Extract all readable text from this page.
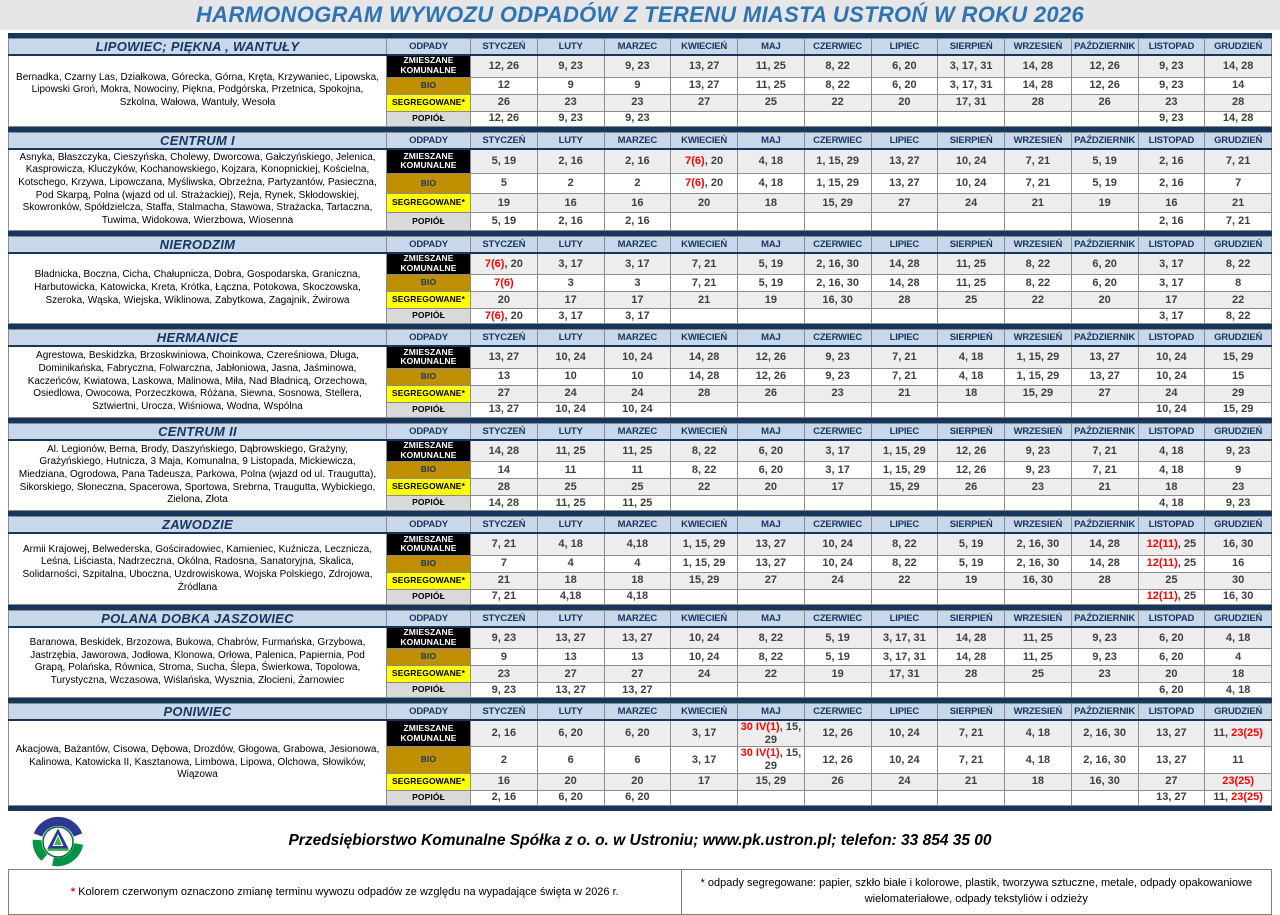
HARMONOGRAM WYWOZU ODPADÓW Z TERENU MIASTA USTROŃ W ROKU 2026
LIPOWIEC; PIĘKNA , WANTUŁY	ODPADY	STYCZEŃ	LUTY	MARZEC	KWIECIEŃ	MAJ	CZERWIEC	LIPIEC	SIERPIEŃ	WRZESIEŃ	PAŹDZIERNIK	LISTOPAD	GRUDZIEŃ
Bernadka, Czarny Las, Działkowa, Górecka, Górna, Kręta, Krzywaniec, Lipowska, Lipowski Groń, Mokra, Nowociny, Piękna, Podgórska, Przetnica, Spokojna, Szkolna, Wałowa, Wantuły, Wesoła	ZMIESZANE KOMUNALNE	12, 26	9, 23	9, 23	13, 27	11, 25	8, 22	6, 20	3, 17, 31	14, 28	12, 26	9, 23	14, 28
	BIO	12	9	9	13, 27	11, 25	8, 22	6, 20	3, 17, 31	14, 28	12, 26	9, 23	14
	SEGREGOWANE*	26	23	23	27	25	22	20	17, 31	28	26	23	28
	POPIÓŁ	12, 26	9, 23	9, 23								9, 23	14, 28
CENTRUM I	ODPADY	STYCZEŃ	LUTY	MARZEC	KWIECIEŃ	MAJ	CZERWIEC	LIPIEC	SIERPIEŃ	WRZESIEŃ	PAŹDZIERNIK	LISTOPAD	GRUDZIEŃ
Asnyka, Błaszczyka, Cieszyńska, Cholewy, Dworcowa, Gałczyńskiego, Jelenica, Kasprowicza, Kluczyków, Kochanowskiego, Kojzara, Konopnickiej, Kościelna, Kotschego, Krzywa, Lipowczana, Myśliwska, Obrzeżna, Partyzantów, Pasieczna, Pod Skarpą, Polna (wjazd od ul. Strażackiej), Reja, Rynek, Skłodowskiej, Skowronków, Spółdzielcza, Staffa, Stalmacha, Stawowa, Strażacka, Tartaczna, Tuwima, Widokowa, Wierzbowa, Wiosenna	ZMIESZANE KOMUNALNE	5, 19	2, 16	2, 16	7(6), 20	4, 18	1, 15, 29	13, 27	10, 24	7, 21	5, 19	2, 16	7, 21
	BIO	5	2	2	7(6), 20	4, 18	1, 15, 29	13, 27	10, 24	7, 21	5, 19	2, 16	7
	SEGREGOWANE*	19	16	16	20	18	15, 29	27	24	21	19	16	21
	POPIÓŁ	5, 19	2, 16	2, 16								2, 16	7, 21
NIERODZIM	ODPADY	STYCZEŃ	LUTY	MARZEC	KWIECIEŃ	MAJ	CZERWIEC	LIPIEC	SIERPIEŃ	WRZESIEŃ	PAŹDZIERNIK	LISTOPAD	GRUDZIEŃ
Bładnicka, Boczna, Cicha, Chałupnicza, Dobra, Gospodarska, Graniczna, Harbutowicka, Katowicka, Kreta, Krótka, Łączna, Potokowa, Skoczowska, Szeroka, Wąska, Wiejska, Wiklinowa, Zabytkowa, Zagajnik, Żwirowa	ZMIESZANE KOMUNALNE	7(6), 20	3, 17	3, 17	7, 21	5, 19	2, 16, 30	14, 28	11, 25	8, 22	6, 20	3, 17	8, 22
	BIO	7(6)	3	3	7, 21	5, 19	2, 16, 30	14, 28	11, 25	8, 22	6, 20	3, 17	8
	SEGREGOWANE*	20	17	17	21	19	16, 30	28	25	22	20	17	22
	POPIÓŁ	7(6), 20	3, 17	3, 17								3, 17	8, 22
HERMANICE	ODPADY	STYCZEŃ	LUTY	MARZEC	KWIECIEŃ	MAJ	CZERWIEC	LIPIEC	SIERPIEŃ	WRZESIEŃ	PAŹDZIERNIK	LISTOPAD	GRUDZIEŃ
Agrestowa, Beskidzka, Brzoskwiniowa, Choinkowa, Czereśniowa, Długa, Dominikańska, Fabryczna, Folwarczna, Jabłoniowa, Jasna, Jaśminowa, Kaczeńców, Kwiatowa, Laskowa, Malinowa, Miła, Nad Bładnicą, Orzechowa, Osiedlowa, Owocowa, Porzeczkowa, Różana, Siewna, Sosnowa, Stellera, Sztwiertni, Urocza, Wiśniowa, Wodna, Wspólna	ZMIESZANE KOMUNALNE	13, 27	10, 24	10, 24	14, 28	12, 26	9, 23	7, 21	4, 18	1, 15, 29	13, 27	10, 24	15, 29
	BIO	13	10	10	14, 28	12, 26	9, 23	7, 21	4, 18	1, 15, 29	13, 27	10, 24	15
	SEGREGOWANE*	27	24	24	28	26	23	21	18	15, 29	27	24	29
	POPIÓŁ	13, 27	10, 24	10, 24								10, 24	15, 29
CENTRUM II	ODPADY	STYCZEŃ	LUTY	MARZEC	KWIECIEŃ	MAJ	CZERWIEC	LIPIEC	SIERPIEŃ	WRZESIEŃ	PAŹDZIERNIK	LISTOPAD	GRUDZIEŃ
Al. Legionów, Bema, Brody, Daszyńskiego, Dąbrowskiego, Grażyny, Grażyńskiego, Hutnicza, 3 Maja, Komunalna, 9 Listopada, Mickiewicza, Miedziana, Ogrodowa, Pana Tadeusza, Parkowa, Polna (wjazd od ul. Traugutta), Sikorskiego, Słoneczna, Spacerowa, Sportowa, Srebrna, Traugutta, Wybickiego, Zielona, Złota	ZMIESZANE KOMUNALNE	14, 28	11, 25	11, 25	8, 22	6, 20	3, 17	1, 15, 29	12, 26	9, 23	7, 21	4, 18	9, 23
	BIO	14	11	11	8, 22	6, 20	3, 17	1, 15, 29	12, 26	9, 23	7, 21	4, 18	9
	SEGREGOWANE*	28	25	25	22	20	17	15, 29	26	23	21	18	23
	POPIÓŁ	14, 28	11, 25	11, 25								4, 18	9, 23
ZAWODZIE	ODPADY	STYCZEŃ	LUTY	MARZEC	KWIECIEŃ	MAJ	CZERWIEC	LIPIEC	SIERPIEŃ	WRZESIEŃ	PAŹDZIERNIK	LISTOPAD	GRUDZIEŃ
Armii Krajowej, Belwederska, Gościradowiec, Kamieniec, Kuźnicza, Lecznicza, Leśna, Liściasta, Nadrzeczna, Okólna, Radosna, Sanatoryjna, Skalica, Solidarności, Szpitalna, Uboczna, Uzdrowiskowa, Wojska Polskiego, Zdrojowa, Źródlana	ZMIESZANE KOMUNALNE	7, 21	4, 18	4,18	1, 15, 29	13, 27	10, 24	8, 22	5, 19	2, 16, 30	14, 28	12(11), 25	16, 30
	BIO	7	4	4	1, 15, 29	13, 27	10, 24	8, 22	5, 19	2, 16, 30	14, 28	12(11), 25	16
	SEGREGOWANE*	21	18	18	15, 29	27	24	22	19	16, 30	28	25	30
	POPIÓŁ	7, 21	4,18	4,18								12(11), 25	16, 30
POLANA DOBKA JASZOWIEC	ODPADY	STYCZEŃ	LUTY	MARZEC	KWIECIEŃ	MAJ	CZERWIEC	LIPIEC	SIERPIEŃ	WRZESIEŃ	PAŹDZIERNIK	LISTOPAD	GRUDZIEŃ
Baranowa, Beskidek, Brzozowa, Bukowa, Chabrów, Furmańska, Grzybowa, Jastrzębia, Jaworowa, Jodłowa, Klonowa, Orłowa, Palenica, Papiernia, Pod Grapą, Polańska, Równica, Stroma, Sucha, Ślepa, Świerkowa, Topolowa, Turystyczna, Wczasowa, Wiślańska, Wysznia, Złocieni, Żarnowiec	ZMIESZANE KOMUNALNE	9, 23	13, 27	13, 27	10, 24	8, 22	5, 19	3, 17, 31	14, 28	11, 25	9, 23	6, 20	4, 18
	BIO	9	13	13	10, 24	8, 22	5, 19	3, 17, 31	14, 28	11, 25	9, 23	6, 20	4
	SEGREGOWANE*	23	27	27	24	22	19	17, 31	28	25	23	20	18
	POPIÓŁ	9, 23	13, 27	13, 27								6, 20	4, 18
PONIWIEC	ODPADY	STYCZEŃ	LUTY	MARZEC	KWIECIEŃ	MAJ	CZERWIEC	LIPIEC	SIERPIEŃ	WRZESIEŃ	PAŹDZIERNIK	LISTOPAD	GRUDZIEŃ
Akacjowa, Bażantów, Cisowa, Dębowa, Drozdów, Głogowa, Grabowa, Jesionowa, Kalinowa, Katowicka II, Kasztanowa, Limbowa, Lipowa, Olchowa, Słowików, Wiązowa	ZMIESZANE KOMUNALNE	2, 16	6, 20	6, 20	3, 17	30 IV(1), 15, 29	12, 26	10, 24	7, 21	4, 18	2, 16, 30	13, 27	11, 23(25)
	BIO	2	6	6	3, 17	30 IV(1), 15, 29	12, 26	10, 24	7, 21	4, 18	2, 16, 30	13, 27	11
	SEGREGOWANE*	16	20	20	17	15, 29	26	24	21	18	16, 30	27	23(25)
	POPIÓŁ	2, 16	6, 20	6, 20								13, 27	11, 23(25)
Przedsiębiorstwo Komunalne Spółka z o. o. w Ustroniu; www.pk.ustron.pl; telefon: 33 854 35 00
* Kolorem czerwonym oznaczono zmianę terminu wywozu odpadów ze względu na wypadające święta w 2026 r.
* odpady segregowane: papier, szkło białe i kolorowe, plastik, tworzywa sztuczne, metale, odpady opakowaniowe wielomateriałowe, odpady tekstyliów i odzieży
